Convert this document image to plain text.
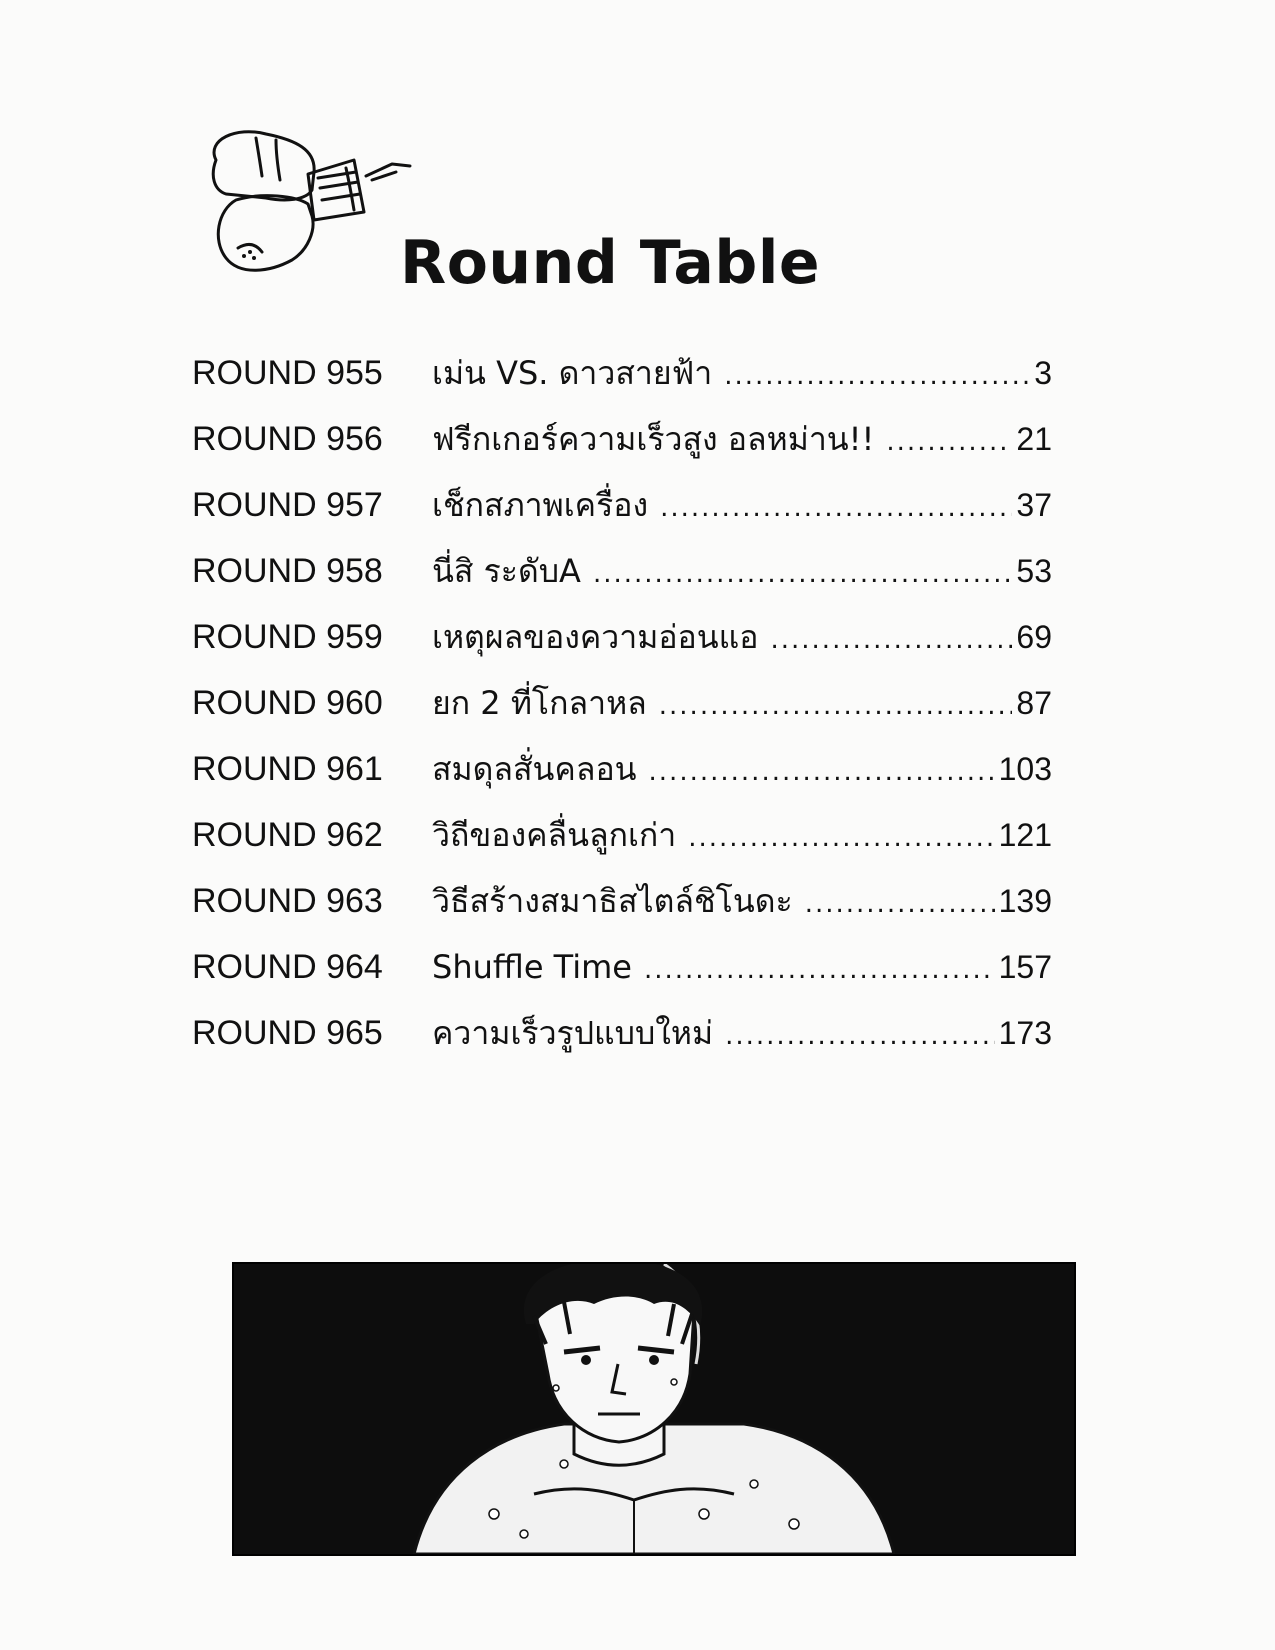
Round Table
ROUND 955	เม่น VS. ดาวสายฟ้า .....	3
ROUND 956	ฟรีกเกอร์ความเร็วสูง อลหม่าน!! .....	21
ROUND 957	เช็กสภาพเครื่อง .....	37
ROUND 958	นี่สิ ระดับA .....	53
ROUND 959	เหตุผลของความอ่อนแอ .....	69
ROUND 960	ยก 2 ที่โกลาหล .....	87
ROUND 961	สมดุลสั่นคลอน .....	103
ROUND 962	วิถีของคลื่นลูกเก่า .....	121
ROUND 963	วิธีสร้างสมาธิสไตล์ชิโนดะ .....	139
ROUND 964	Shuffle Time .....	157
ROUND 965	ความเร็วรูปแบบใหม่ .....	173
